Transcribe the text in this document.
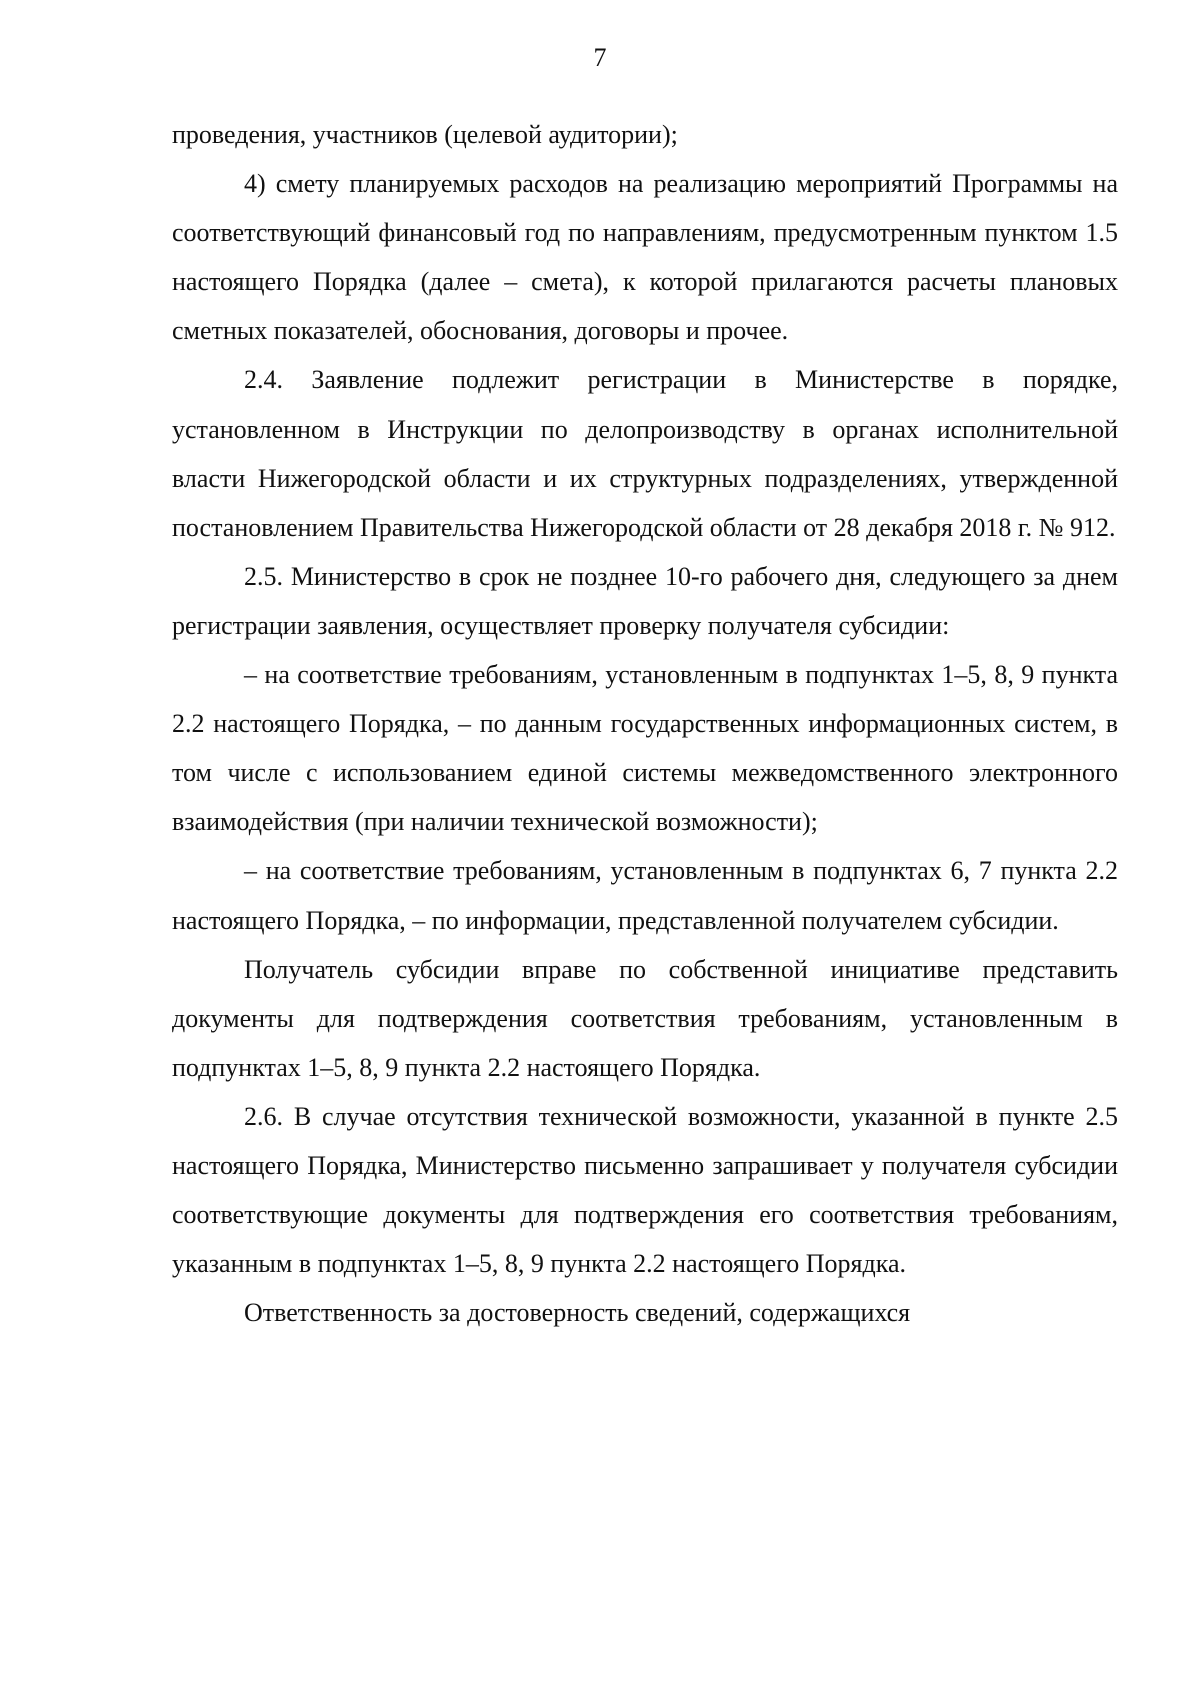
7

проведения, участников (целевой аудитории);

4) смету планируемых расходов на реализацию мероприятий Программы на соответствующий финансовый год по направлениям, предусмотренным пунктом 1.5 настоящего Порядка (далее – смета), к которой прилагаются расчеты плановых сметных показателей, обоснования, договоры и прочее.

2.4. Заявление подлежит регистрации в Министерстве в порядке, установленном в Инструкции по делопроизводству в органах исполнительной власти Нижегородской области и их структурных подразделениях, утвержденной постановлением Правительства Нижегородской области от 28 декабря 2018 г. № 912.

2.5. Министерство в срок не позднее 10-го рабочего дня, следующего за днем регистрации заявления, осуществляет проверку получателя субсидии:

– на соответствие требованиям, установленным в подпунктах 1–5, 8, 9 пункта 2.2 настоящего Порядка, – по данным государственных информационных систем, в том числе с использованием единой системы межведомственного электронного взаимодействия (при наличии технической возможности);

– на соответствие требованиям, установленным в подпунктах 6, 7 пункта 2.2 настоящего Порядка, – по информации, представленной получателем субсидии.

Получатель субсидии вправе по собственной инициативе представить документы для подтверждения соответствия требованиям, установленным в подпунктах 1–5, 8, 9 пункта 2.2 настоящего Порядка.

2.6. В случае отсутствия технической возможности, указанной в пункте 2.5 настоящего Порядка, Министерство письменно запрашивает у получателя субсидии соответствующие документы для подтверждения его соответствия требованиям, указанным в подпунктах 1–5, 8, 9 пункта 2.2 настоящего Порядка.

Ответственность за достоверность сведений, содержащихся
